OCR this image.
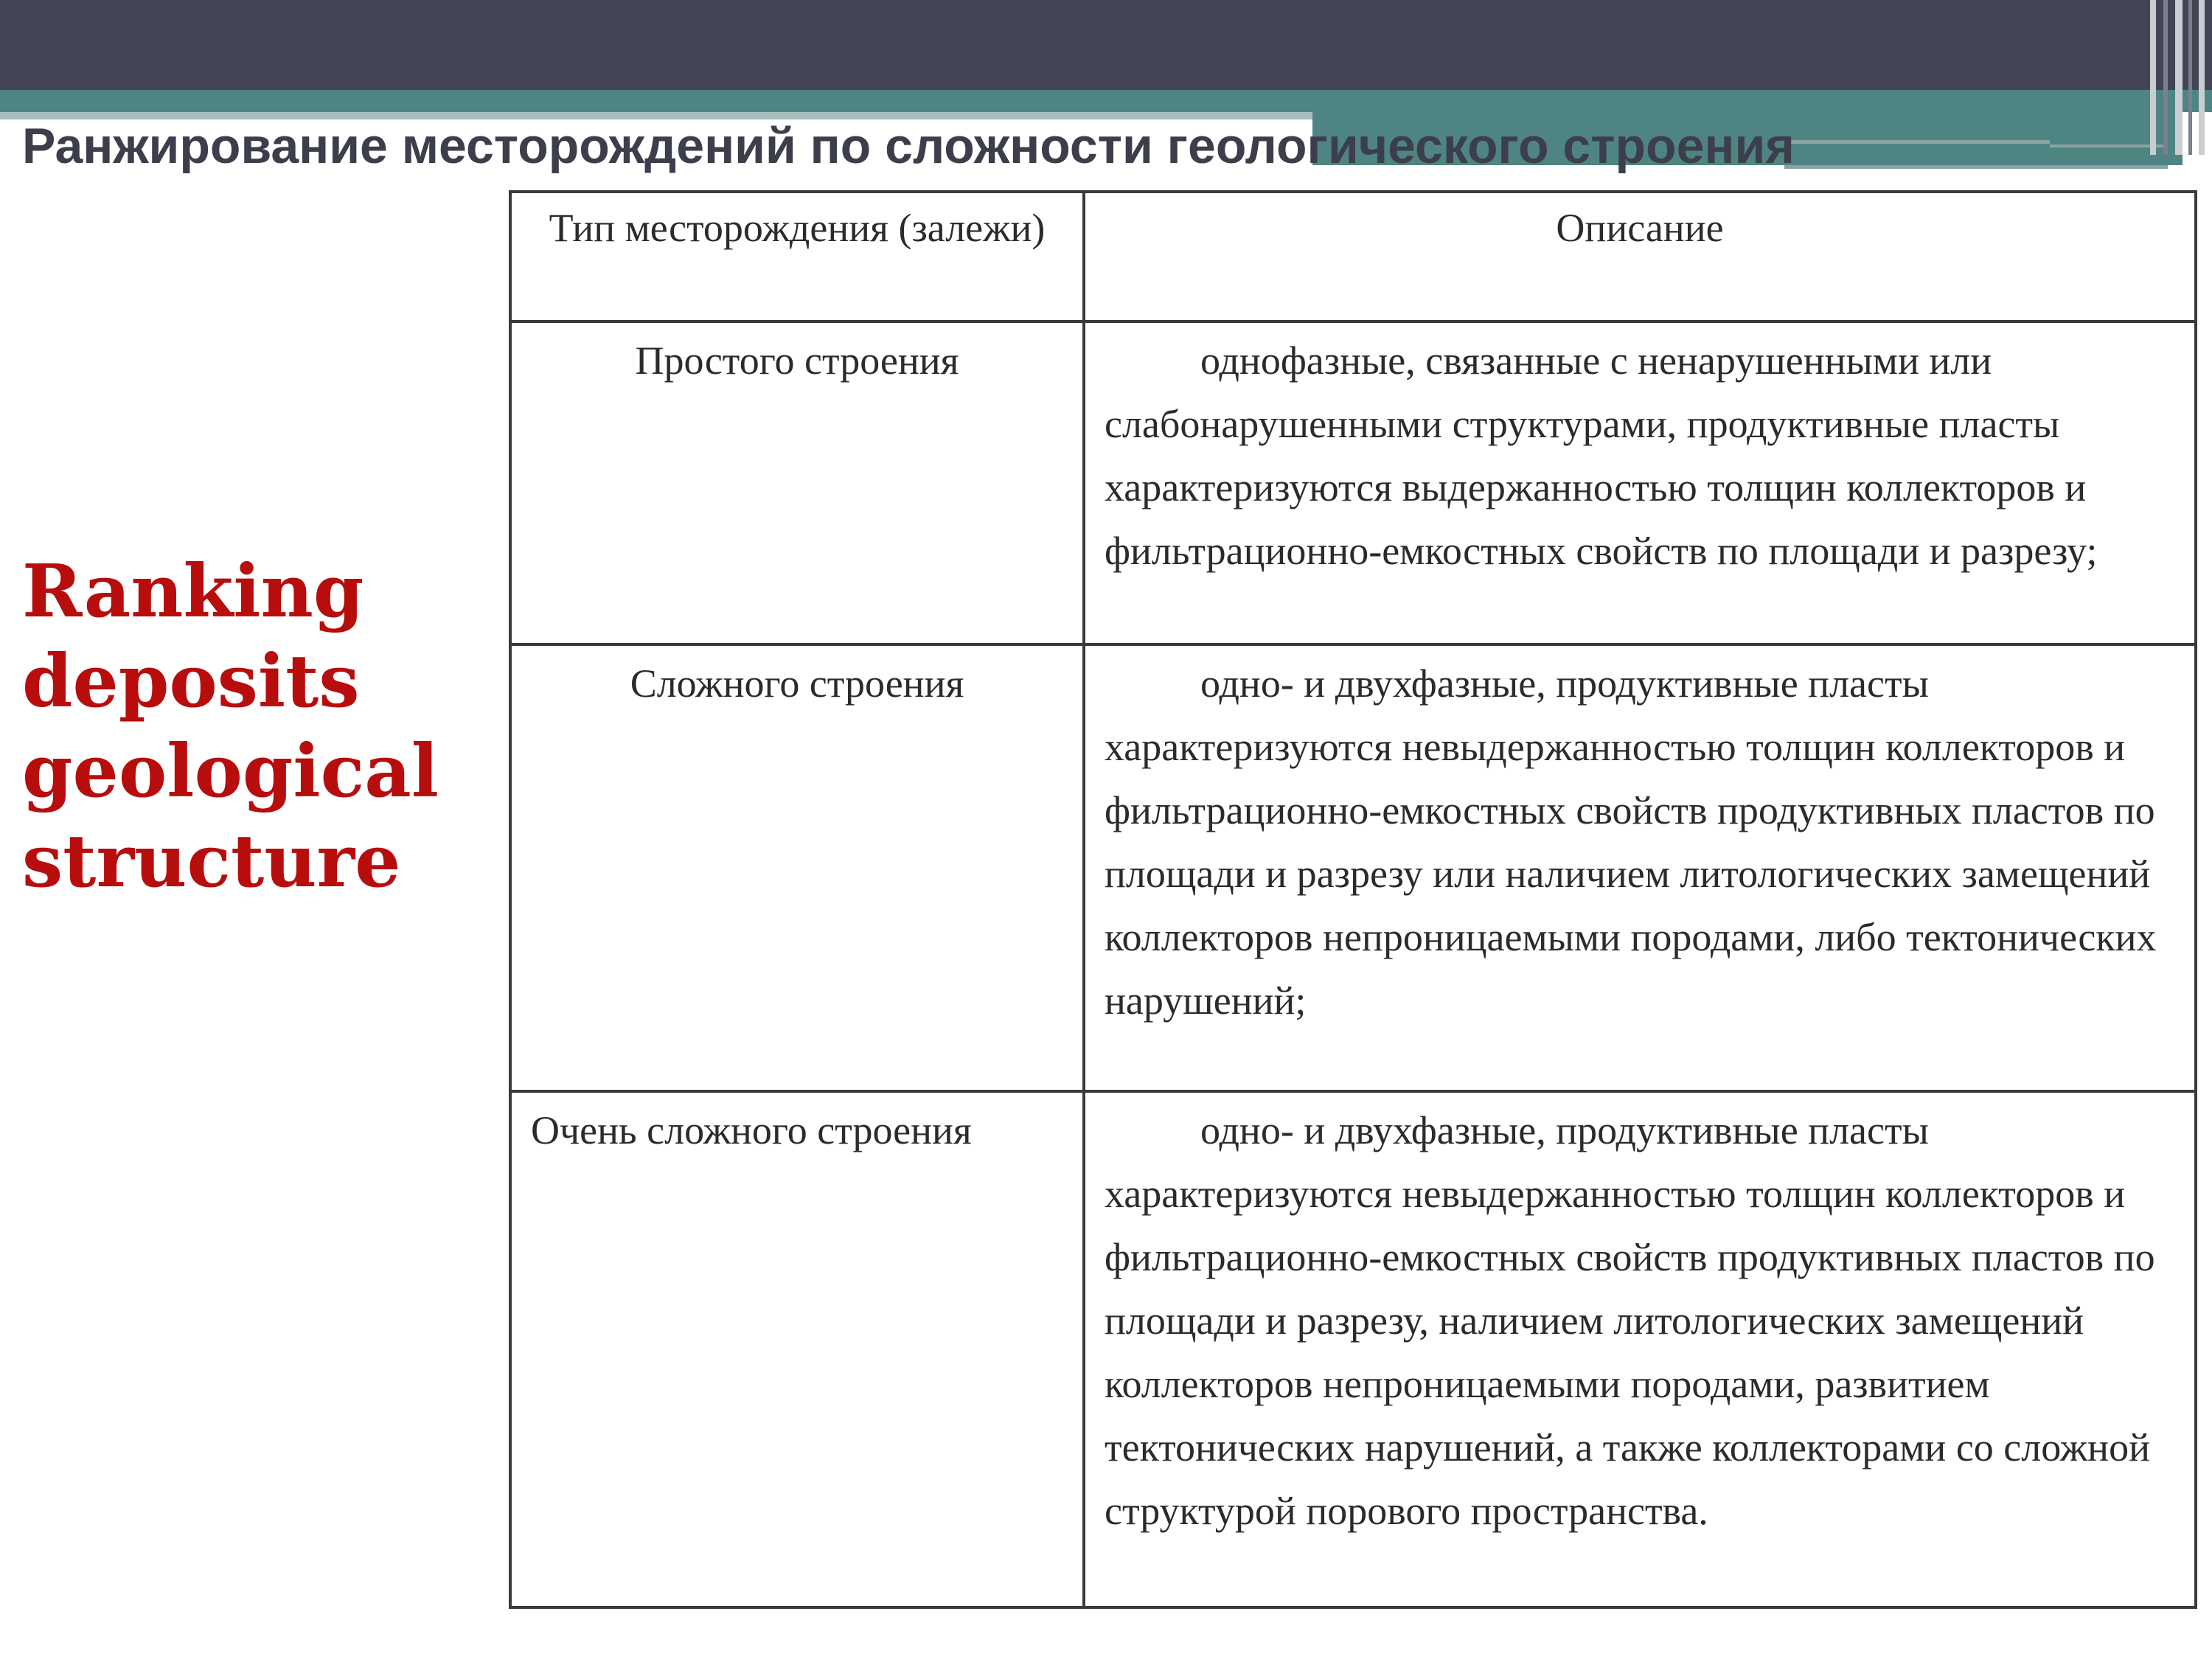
Ранжирование месторождений по сложности геологического строения

Ranking deposits geological structure

Тип месторождения (залежи)	Описание
Простого строения	однофазные, связанные с ненарушенными или слабонарушенными структурами, продуктивные пласты характеризуются выдержанностью толщин коллекторов и фильтрационно-емкостных свойств по площади и разрезу;
Сложного строения	одно- и двухфазные, продуктивные пласты характеризуются невыдержанностью толщин коллекторов и фильтрационно-емкостных свойств продуктивных пластов по площади и разрезу или наличием литологических замещений коллекторов непроницаемыми породами, либо тектонических нарушений;
Очень сложного строения	одно- и двухфазные, продуктивные пласты характеризуются невыдержанностью толщин коллекторов и фильтрационно-емкостных свойств продуктивных пластов по площади и разрезу, наличием литологических замещений коллекторов непроницаемыми породами, развитием тектонических нарушений, а также коллекторами со сложной структурой порового пространства.
